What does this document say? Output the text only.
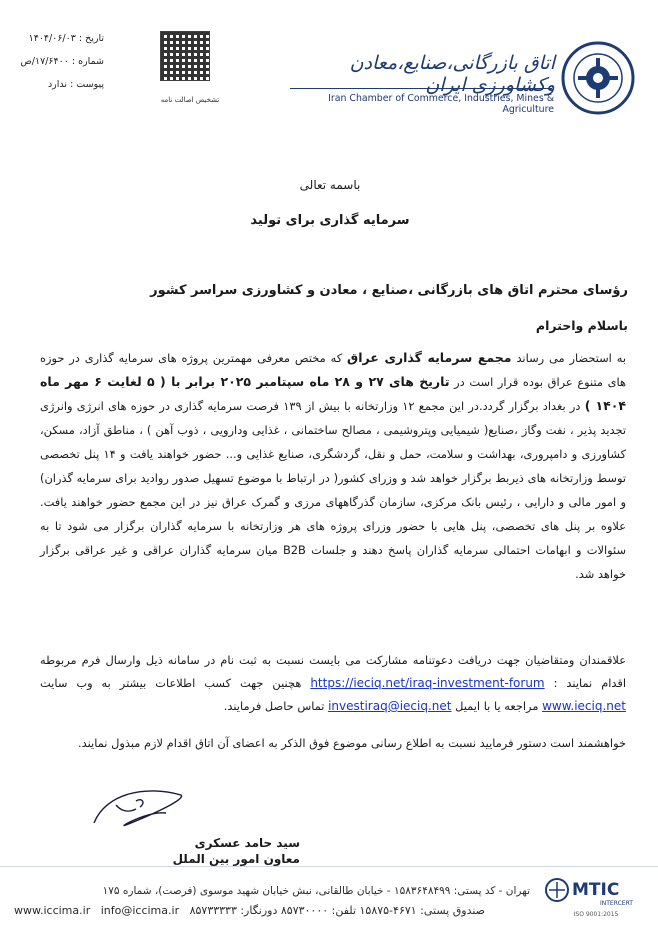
تاریخ : ۱۴۰۴/۰۶/۰۳
شماره : ۱۷/۶۴۰۰/ص
پیوست : ندارد
تشخیص اصالت نامه
اتاق بازرگانی،صنایع،معادن وکشاورزی ایران
Iran Chamber of Commerce, Industries, Mines & Agriculture
باسمه تعالی
سرمایه گذاری برای تولید
رؤسای محترم اتاق های بازرگانی ،صنایع ، معادن و کشاورزی سراسر کشور
باسلام واحترام
به استحضار می رساند مجمع سرمایه گذاری عراق که مختص معرفی مهمترین پروژه های سرمایه گذاری در حوزه های متنوع عراق بوده قرار است در تاریخ های ۲۷ و ۲۸ ماه سپتامبر ۲۰۲۵ برابر با ( ۵ لغایت ۶ مهر ماه ۱۴۰۴ ) در بغداد برگزار گردد.در این مجمع ۱۲ وزارتخانه با بیش از ۱۳۹ فرصت سرمایه گذاری در حوزه های انرژی وانرژی تجدید پذیر ، نفت وگاز ،صنایع( شیمیایی وپتروشیمی ، مصالح ساختمانی ، غذایی ودارویی ، ذوب آهن ) ، مناطق آزاد، مسکن، کشاورزی و دامپروری، بهداشت و سلامت، حمل و نقل، گردشگری، صنایع غذایی و... حضور خواهند یافت و ۱۴ پنل تخصصی توسط وزارتخانه های ذیربط برگزار خواهد شد و وزرای کشور( در ارتباط با موضوع تسهیل صدور روادید برای سرمایه گذران) و امور مالی و دارایی ، رئیس بانک مرکزی، سازمان گذرگاههای مرزی و گمرک عراق نیز در این مجمع حضور خواهند یافت. علاوه بر پنل های تخصصی، پنل هایی با حضور وزرای پروژه های هر وزارتخانه با سرمایه گذاران برگزار می شود تا به سئوالات و ابهامات احتمالی سرمایه گذاران پاسخ دهند و جلسات B2B میان سرمایه گذاران عراقی و غیر عراقی برگزار خواهد شد.
علاقمندان ومتقاضیان جهت دریافت دعوتنامه مشارکت می بایست نسبت به ثبت نام در سامانه ذیل وارسال فرم مربوطه اقدام نمایند : https://ieciq.net/iraq-investment-forum هچنین جهت کسب اطلاعات بیشتر به وب سایت www.ieciq.net مراجعه یا با ایمیل investiraq@ieciq.net تماس حاصل فرمایند.
خواهشمند است دستور فرمایید نسبت به اطلاع رسانی موضوع فوق الذکر به اعضای آن اتاق اقدام لازم مبذول نمایند.
سید حامد عسکری
معاون امور بین الملل
MTIC
INTERCERT
ISO 9001:2015
تهران - کد پستی: ۱۵۸۳۶۴۸۴۹۹ - خیابان طالقانی، نبش خیابان شهید موسوی (فرصت)، شماره ۱۷۵
www.iccima.ir info@iccima.ir صندوق پستی: ۴۶۷۱-۱۵۸۷۵ تلفن: ۸۵۷۳۰۰۰۰ دورنگار: ۸۵۷۳۳۳۳۳
